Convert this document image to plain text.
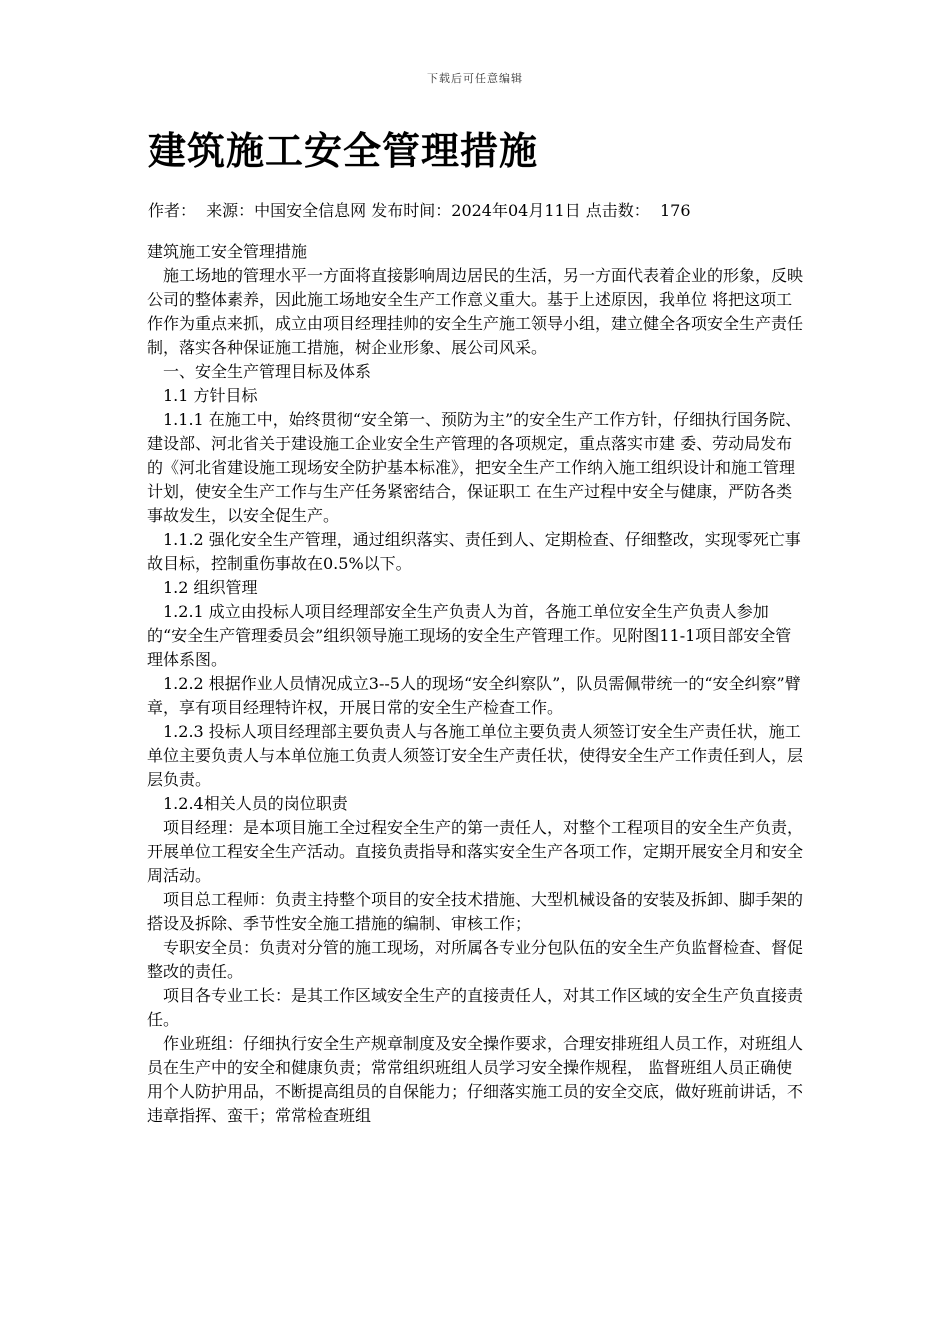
下载后可任意编辑
建筑施工安全管理措施
作者：  来源：中国安全信息网 发布时间：2024年04月11日 点击数：  176

建筑施工安全管理措施

施工场地的管理水平一方面将直接影响周边居民的生活，另一方面代表着企业的形象，反映公司的整体素养，因此施工场地安全生产工作意义重大。基于上述原因，我单位 将把这项工作作为重点来抓，成立由项目经理挂帅的安全生产施工领导小组，建立健全各项安全生产责任制，落实各种保证施工措施，树企业形象、展公司风采。

一、安全生产管理目标及体系

1.1 方针目标

1.1.1 在施工中，始终贯彻“安全第一、预防为主”的安全生产工作方针，仔细执行国务院、建设部、河北省关于建设施工企业安全生产管理的各项规定，重点落实市建 委、劳动局发布的《河北省建设施工现场安全防护基本标准》，把安全生产工作纳入施工组织设计和施工管理计划，使安全生产工作与生产任务紧密结合，保证职工 在生产过程中安全与健康，严防各类事故发生，以安全促生产。

1.1.2 强化安全生产管理，通过组织落实、责任到人、定期检查、仔细整改，实现零死亡事故目标，控制重伤事故在0.5%以下。

1.2 组织管理

1.2.1 成立由投标人项目经理部安全生产负责人为首，各施工单位安全生产负责人参加的“安全生产管理委员会”组织领导施工现场的安全生产管理工作。见附图11-1项目部安全管理体系图。

1.2.2 根据作业人员情况成立3--5人的现场“安全纠察队”，队员需佩带统一的“安全纠察”臂章，享有项目经理特许权，开展日常的安全生产检查工作。

1.2.3 投标人项目经理部主要负责人与各施工单位主要负责人须签订安全生产责任状，施工单位主要负责人与本单位施工负责人须签订安全生产责任状，使得安全生产工作责任到人，层层负责。

1.2.4相关人员的岗位职责

项目经理：是本项目施工全过程安全生产的第一责任人，对整个工程项目的安全生产负责，开展单位工程安全生产活动。直接负责指导和落实安全生产各项工作，定期开展安全月和安全周活动。

项目总工程师：负责主持整个项目的安全技术措施、大型机械设备的安装及拆卸、脚手架的搭设及拆除、季节性安全施工措施的编制、审核工作；

专职安全员：负责对分管的施工现场，对所属各专业分包队伍的安全生产负监督检查、督促整改的责任。

项目各专业工长：是其工作区域安全生产的直接责任人，对其工作区域的安全生产负直接责任。

作业班组：仔细执行安全生产规章制度及安全操作要求，合理安排班组人员工作，对班组人员在生产中的安全和健康负责；常常组织班组人员学习安全操作规程， 监督班组人员正确使用个人防护用品，不断提高组员的自保能力；仔细落实施工员的安全交底，做好班前讲话，不违章指挥、蛮干；常常检查班组
